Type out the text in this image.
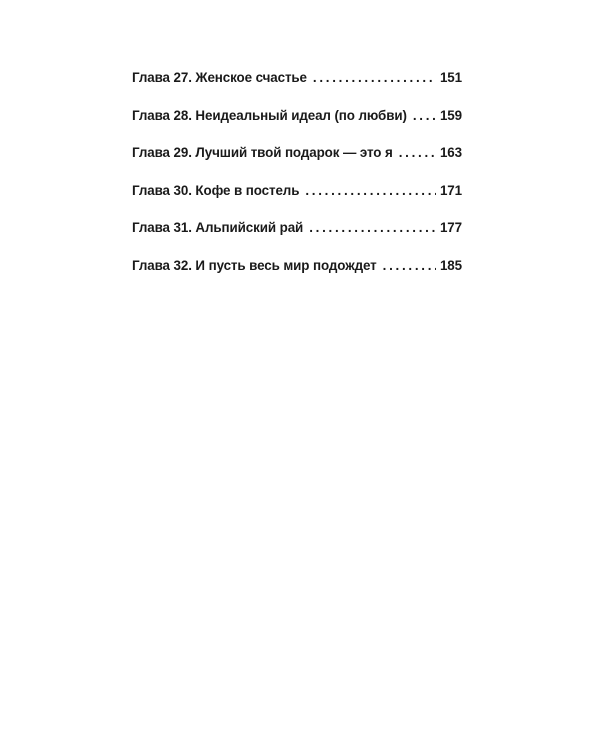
Глава 27. Женское счастье . . .	151
Глава 28. Неидеальный идеал (по любви) . . . 159
Глава 29. Лучший твой подарок — это я . . .	163
Глава 30. Кофе в постель . . .	171
Глава 31. Альпийский рай . . .	177
Глава 32. И пусть весь мир подождет . . .	185
